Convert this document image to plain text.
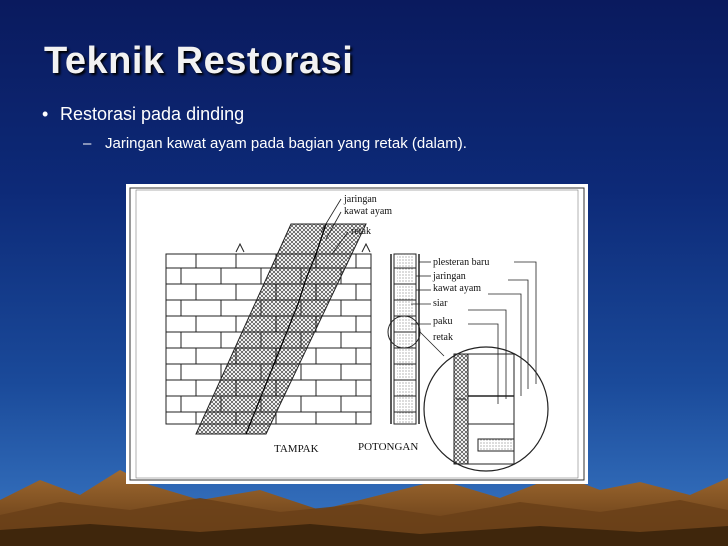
Teknik Restorasi
• Restorasi pada dinding
– Jaringan kawat ayam pada bagian yang retak (dalam).
jaringan
kawat ayam
retak
plesteran baru
jaringan
kawat ayam
siar
paku
retak
TAMPAK	POTONGAN
